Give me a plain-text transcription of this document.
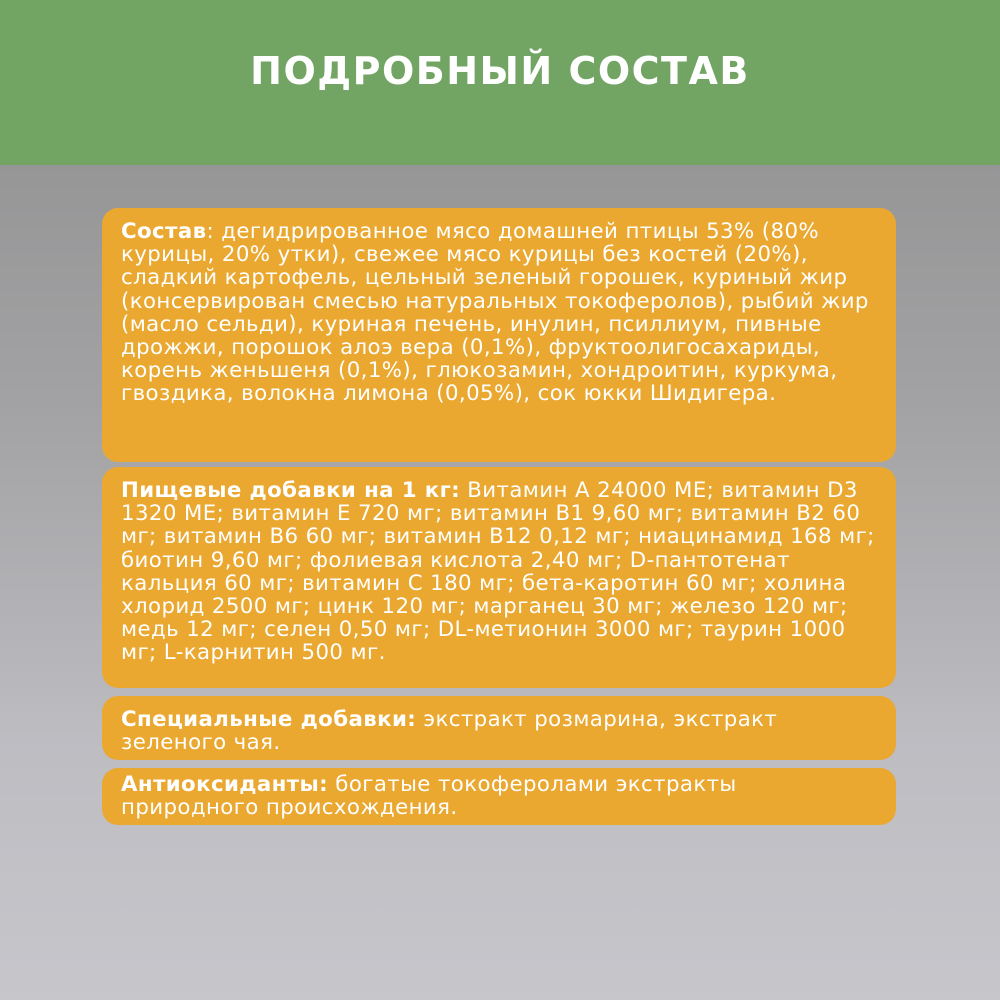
ПОДРОБНЫЙ СОСТАВ

Состав: дегидрированное мясо домашней птицы 53% (80% курицы, 20% утки), свежее мясо курицы без костей (20%), сладкий картофель, цельный зеленый горошек, куриный жир (консервирован смесью натуральных токоферолов), рыбий жир (масло сельди), куриная печень, инулин, псиллиум, пивные дрожжи, порошок алоэ вера (0,1%), фруктоолигосахариды, корень женьшеня (0,1%), глюкозамин, хондроитин, куркума, гвоздика, волокна лимона (0,05%), сок юкки Шидигера.

Пищевые добавки на 1 кг: Витамин А 24000 МЕ; витамин D3 1320 МЕ; витамин Е 720 мг; витамин В1 9,60 мг; витамин В2 60 мг; витамин В6 60 мг; витамин В12 0,12 мг; ниацинамид 168 мг; биотин 9,60 мг; фолиевая кислота 2,40 мг; D-пантотенат кальция 60 мг; витамин С 180 мг; бета-каротин 60 мг; холина хлорид 2500 мг; цинк 120 мг; марганец 30 мг; железо 120 мг; медь 12 мг; селен 0,50 мг; DL-метионин 3000 мг; таурин 1000 мг; L-карнитин 500 мг.

Специальные добавки: экстракт розмарина, экстракт зеленого чая.

Антиоксиданты: богатые токоферолами экстракты природного происхождения.
